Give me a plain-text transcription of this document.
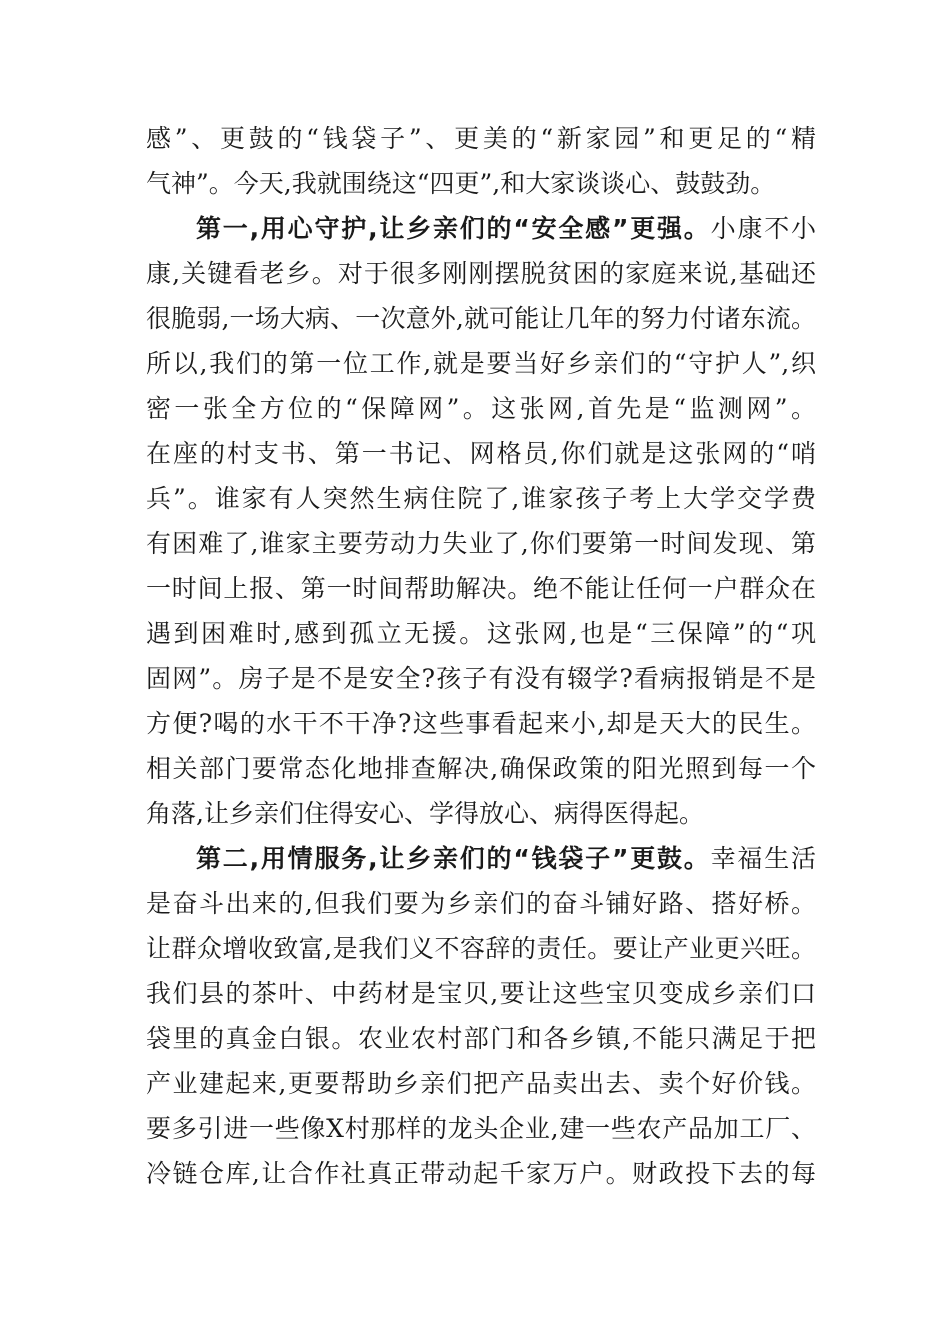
感”、更鼓的“钱袋子”、更美的“新家园”和更足的“精
气神”。今天,我就围绕这“四更”,和大家谈谈心、鼓鼓劲。
第一,用心守护,让乡亲们的“安全感”更强。小康不小
康,关键看老乡。对于很多刚刚摆脱贫困的家庭来说,基础还
很脆弱,一场大病、一次意外,就可能让几年的努力付诸东流。
所以,我们的第一位工作,就是要当好乡亲们的“守护人”,织
密一张全方位的“保障网”。这张网,首先是“监测网”。
在座的村支书、第一书记、网格员,你们就是这张网的“哨
兵”。谁家有人突然生病住院了,谁家孩子考上大学交学费
有困难了,谁家主要劳动力失业了,你们要第一时间发现、第
一时间上报、第一时间帮助解决。绝不能让任何一户群众在
遇到困难时,感到孤立无援。这张网,也是“三保障”的“巩
固网”。房子是不是安全?孩子有没有辍学?看病报销是不是
方便?喝的水干不干净?这些事看起来小,却是天大的民生。
相关部门要常态化地排查解决,确保政策的阳光照到每一个
角落,让乡亲们住得安心、学得放心、病得医得起。
第二,用情服务,让乡亲们的“钱袋子”更鼓。幸福生活
是奋斗出来的,但我们要为乡亲们的奋斗铺好路、搭好桥。
让群众增收致富,是我们义不容辞的责任。要让产业更兴旺。
我们县的茶叶、中药材是宝贝,要让这些宝贝变成乡亲们口
袋里的真金白银。农业农村部门和各乡镇,不能只满足于把
产业建起来,更要帮助乡亲们把产品卖出去、卖个好价钱。
要多引进一些像X村那样的龙头企业,建一些农产品加工厂、
冷链仓库,让合作社真正带动起千家万户。财政投下去的每
